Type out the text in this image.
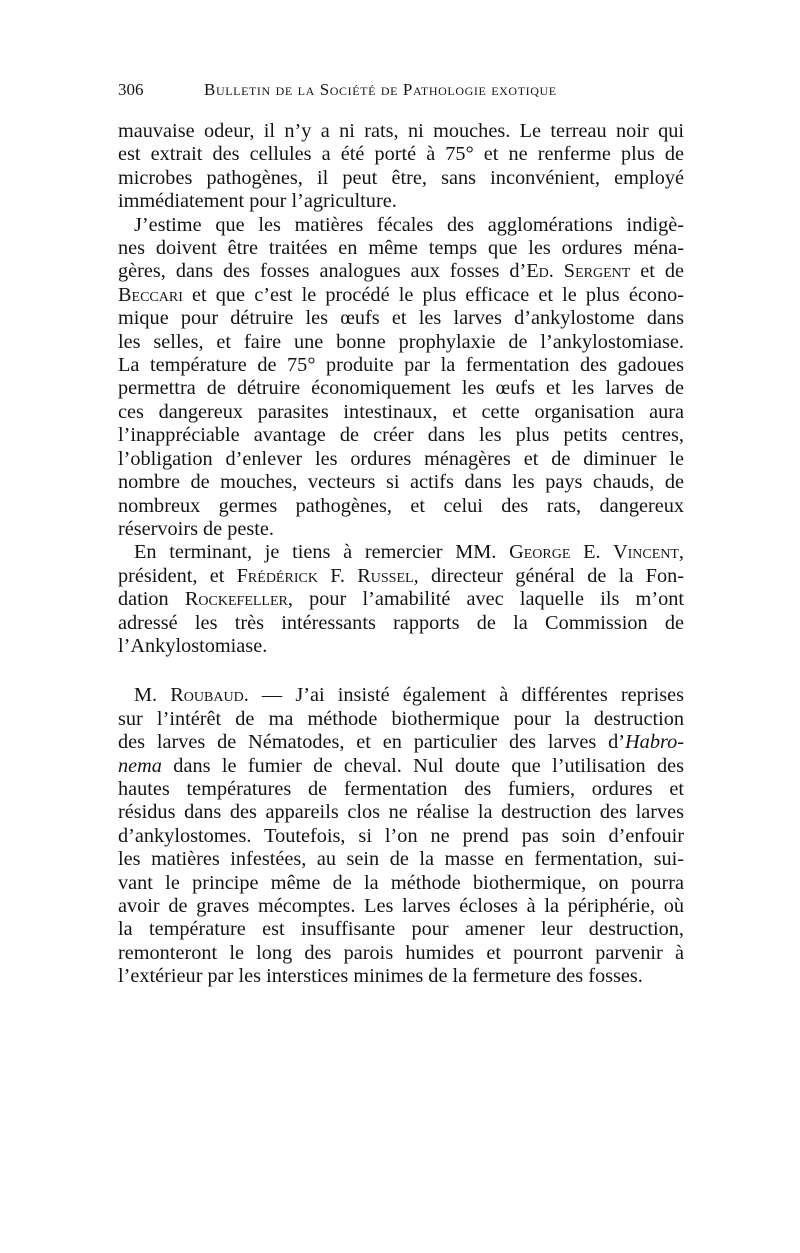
306	Bulletin de la Société de Pathologie exotique
mauvaise odeur, il n’y a ni rats, ni mouches. Le terreau noir qui
est extrait des cellules a été porté à 75° et ne renferme plus de
microbes pathogènes, il peut être, sans inconvénient, employé
immédiatement pour l’agriculture.
J’estime que les matières fécales des agglomérations indigè-
nes doivent être traitées en même temps que les ordures ména-
gères, dans des fosses analogues aux fosses d’Ed. Sergent et de
Beccari et que c’est le procédé le plus efficace et le plus écono-
mique pour détruire les œufs et les larves d’ankylostome dans
les selles, et faire une bonne prophylaxie de l’ankylostomiase.
La température de 75° produite par la fermentation des gadoues
permettra de détruire économiquement les œufs et les larves de
ces dangereux parasites intestinaux, et cette organisation aura
l’inappréciable avantage de créer dans les plus petits centres,
l’obligation d’enlever les ordures ménagères et de diminuer le
nombre de mouches, vecteurs si actifs dans les pays chauds, de
nombreux germes pathogènes, et celui des rats, dangereux
réservoirs de peste.
En terminant, je tiens à remercier MM. George E. Vincent,
président, et Frédérick F. Russel, directeur général de la Fon-
dation Rockefeller, pour l’amabilité avec laquelle ils m’ont
adressé les très intéressants rapports de la Commission de
l’Ankylostomiase.
M. Roubaud. — J’ai insisté également à différentes reprises
sur l’intérêt de ma méthode biothermique pour la destruction
des larves de Nématodes, et en particulier des larves d’Habro-
nema dans le fumier de cheval. Nul doute que l’utilisation des
hautes températures de fermentation des fumiers, ordures et
résidus dans des appareils clos ne réalise la destruction des larves
d’ankylostomes. Toutefois, si l’on ne prend pas soin d’enfouir
les matières infestées, au sein de la masse en fermentation, sui-
vant le principe même de la méthode biothermique, on pourra
avoir de graves mécomptes. Les larves écloses à la périphérie, où
la température est insuffisante pour amener leur destruction,
remonteront le long des parois humides et pourront parvenir à
l’extérieur par les interstices minimes de la fermeture des fosses.
